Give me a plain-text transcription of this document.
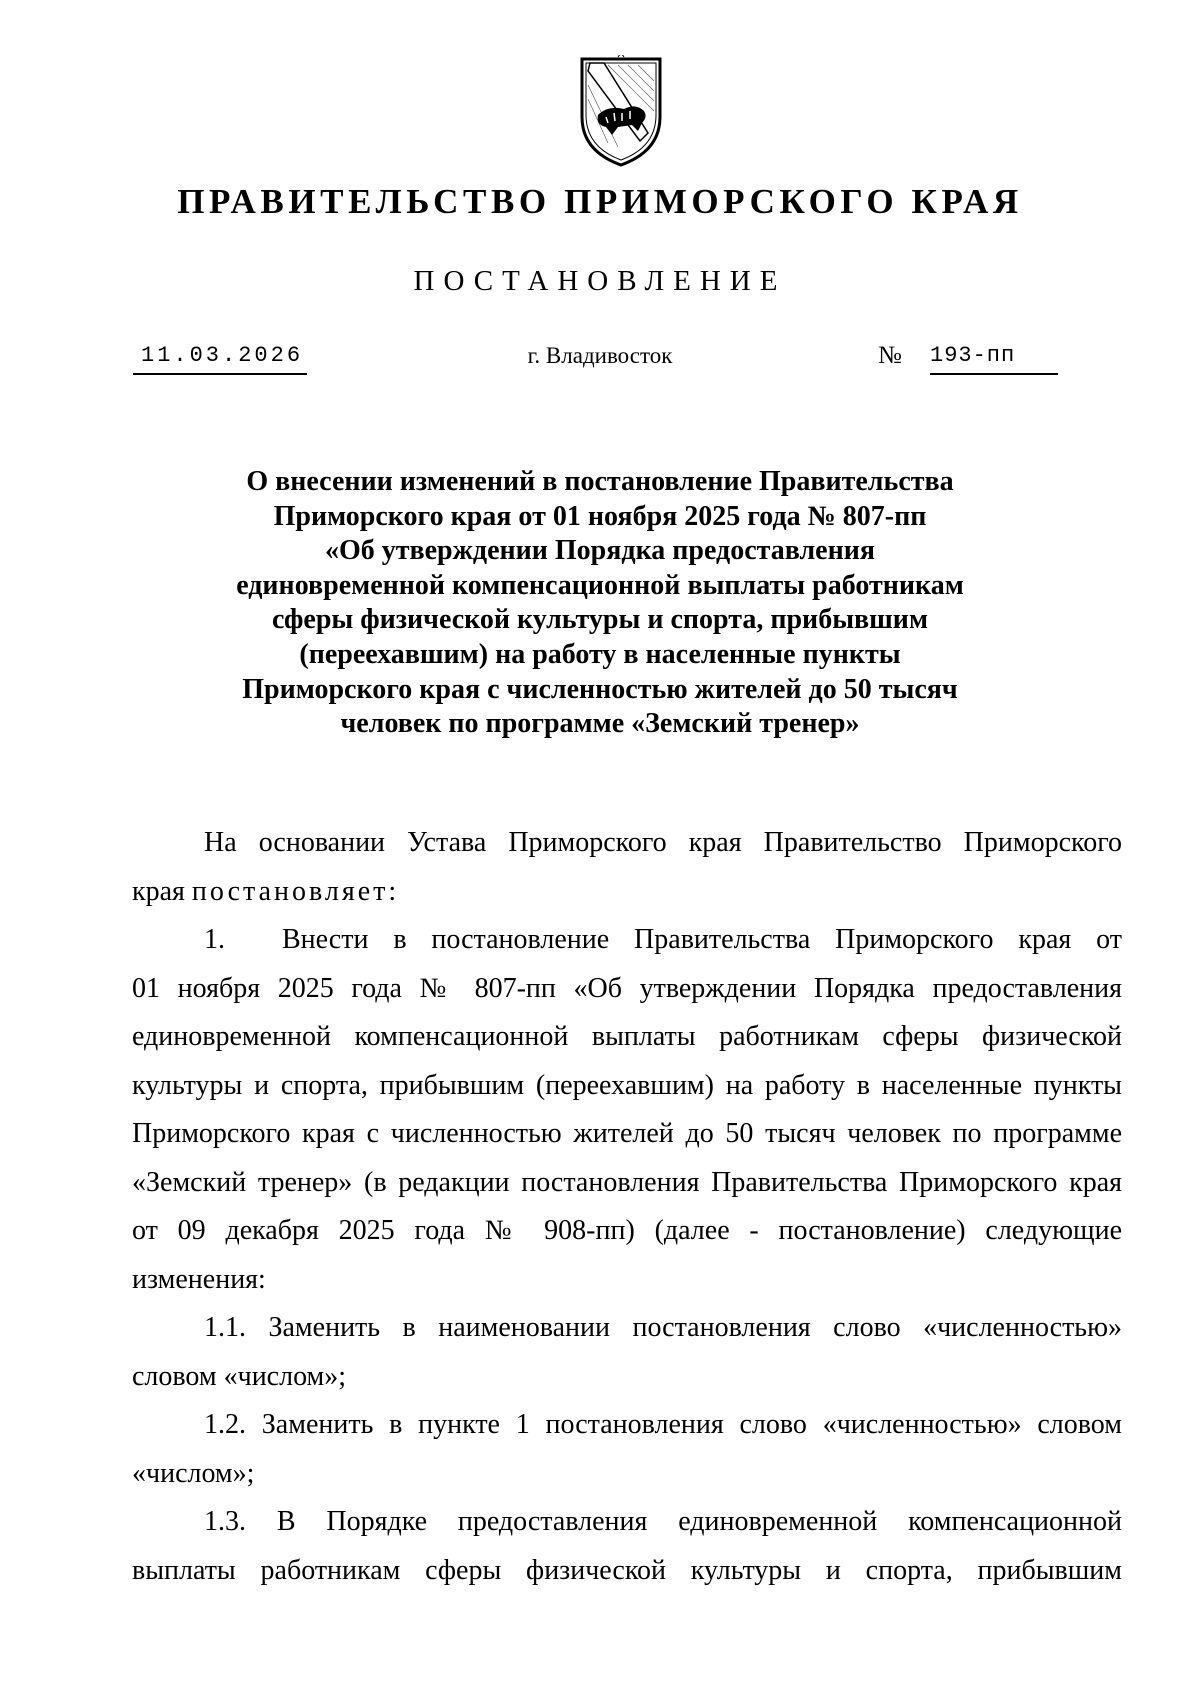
ПРАВИТЕЛЬСТВО ПРИМОРСКОГО КРАЯ
ПОСТАНОВЛЕНИЕ
11.03.2026	г. Владивосток	№ 193-пп
О внесении изменений в постановление Правительства
Приморского края от 01 ноября 2025 года № 807-пп
«Об утверждении Порядка предоставления
единовременной компенсационной выплаты работникам
сферы физической культуры и спорта, прибывшим
(переехавшим) на работу в населенные пункты
Приморского края с численностью жителей до 50 тысяч
человек по программе «Земский тренер»
На основании Устава Приморского края Правительство Приморского
края постановляет:
1.	Внести в постановление Правительства Приморского края от
01 ноября 2025 года № 807-пп «Об утверждении Порядка предоставления
единовременной компенсационной выплаты работникам сферы физической
культуры и спорта, прибывшим (переехавшим) на работу в населенные пункты
Приморского края с численностью жителей до 50 тысяч человек по программе
«Земский тренер» (в редакции постановления Правительства Приморского края
от 09 декабря 2025 года № 908-пп) (далее - постановление) следующие
изменения:
1.1. Заменить в наименовании постановления слово «численностью»
словом «числом»;
1.2. Заменить в пункте 1 постановления слово «численностью» словом
«числом»;
1.3. В Порядке предоставления единовременной компенсационной
выплаты работникам сферы физической культуры и спорта, прибывшим
